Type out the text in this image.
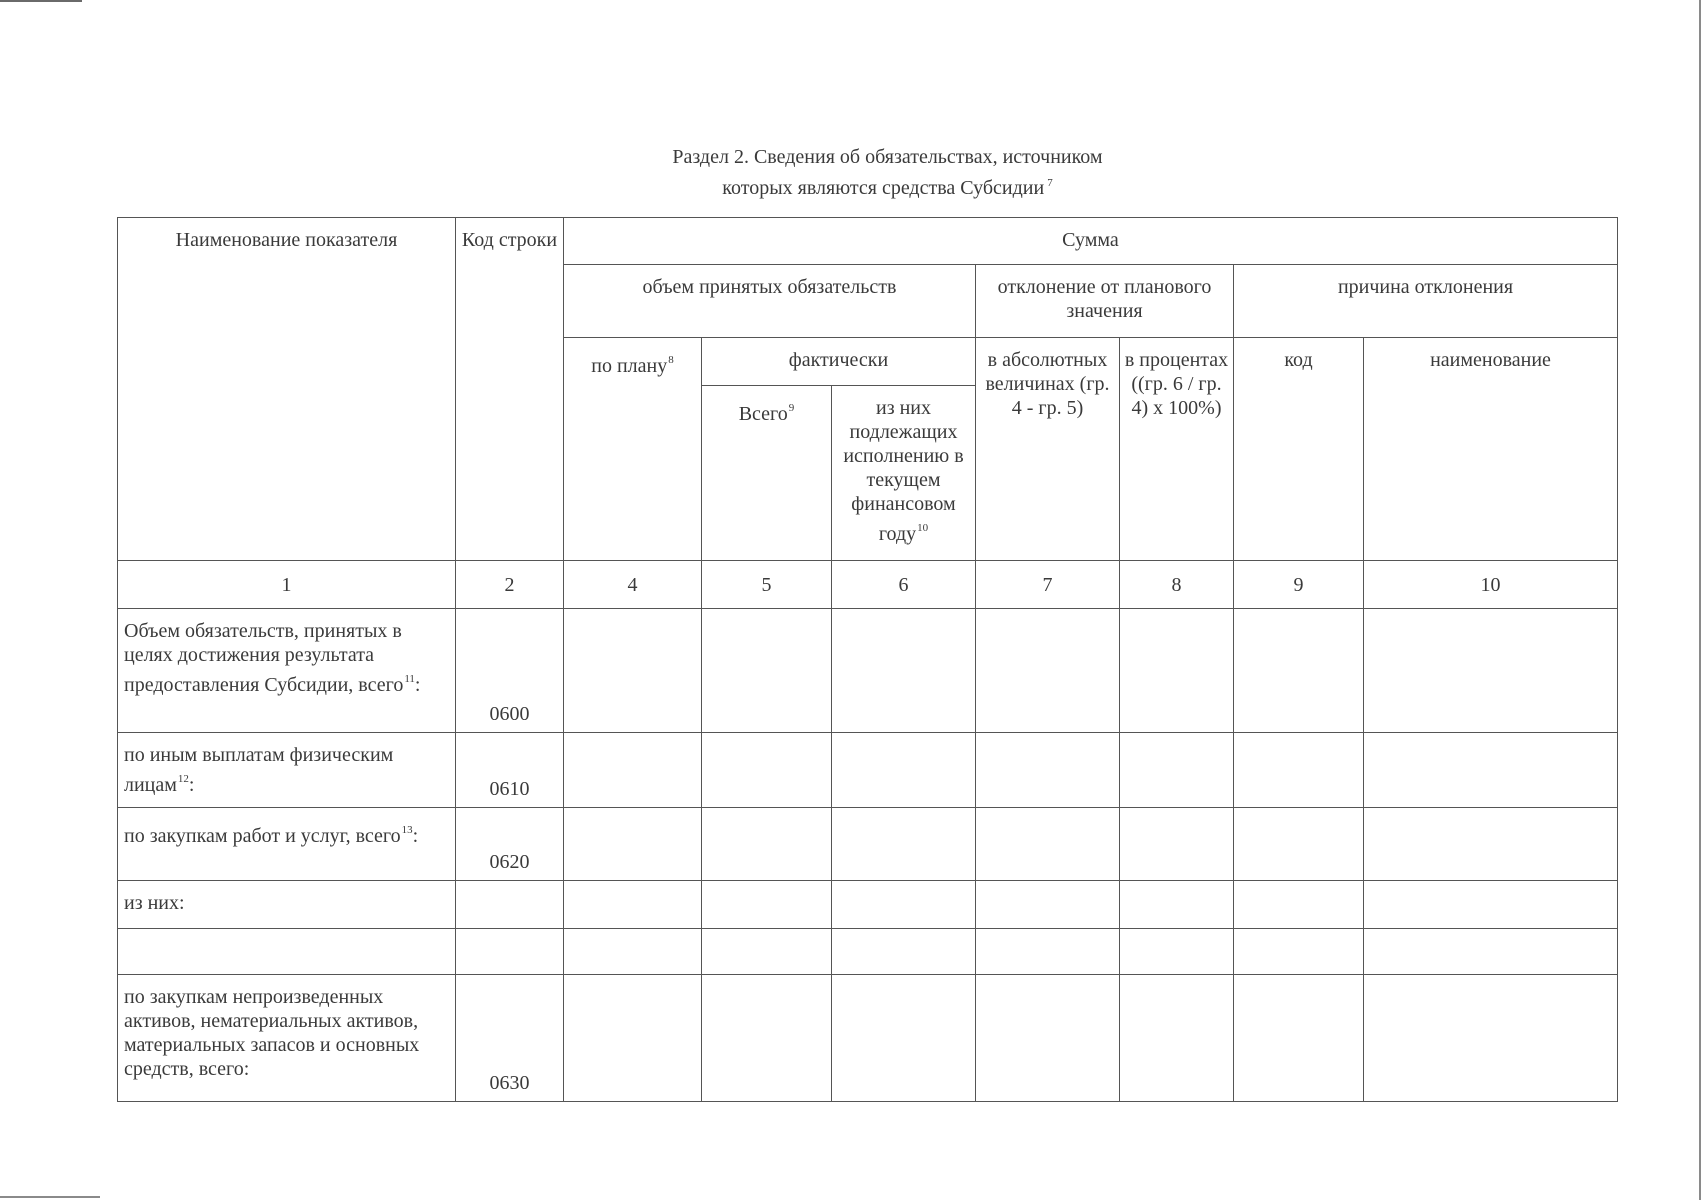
Раздел 2. Сведения об обязательствах, источником
которых являются средства Субсидии $^7$
Наименование показателя	Код строки	Сумма						
		объем принятых обязательств			отклонение от планового значения		причина отклонения	
		по плану$^8$	фактически		в абсолютных величинах (гр. 4 - гр. 5)	в процентах ((гр. 6 / гр. 4) х 100%)	код	наименование
			Всего$^9$	из них подлежащих исполнению в текущем финансовом году$^{10}$
1	2	4	5	6	7	8	9	10
Объем обязательств, принятых в целях достижения результата предоставления Субсидии, всего$^{11}$:	0600							
по иным выплатам физическим лицам$^{12}$:	0610							
по закупкам работ и услуг, всего$^{13}$:	0620							
из них:								

по закупкам непроизведенных активов, нематериальных активов, материальных запасов и основных средств, всего:	0630							
